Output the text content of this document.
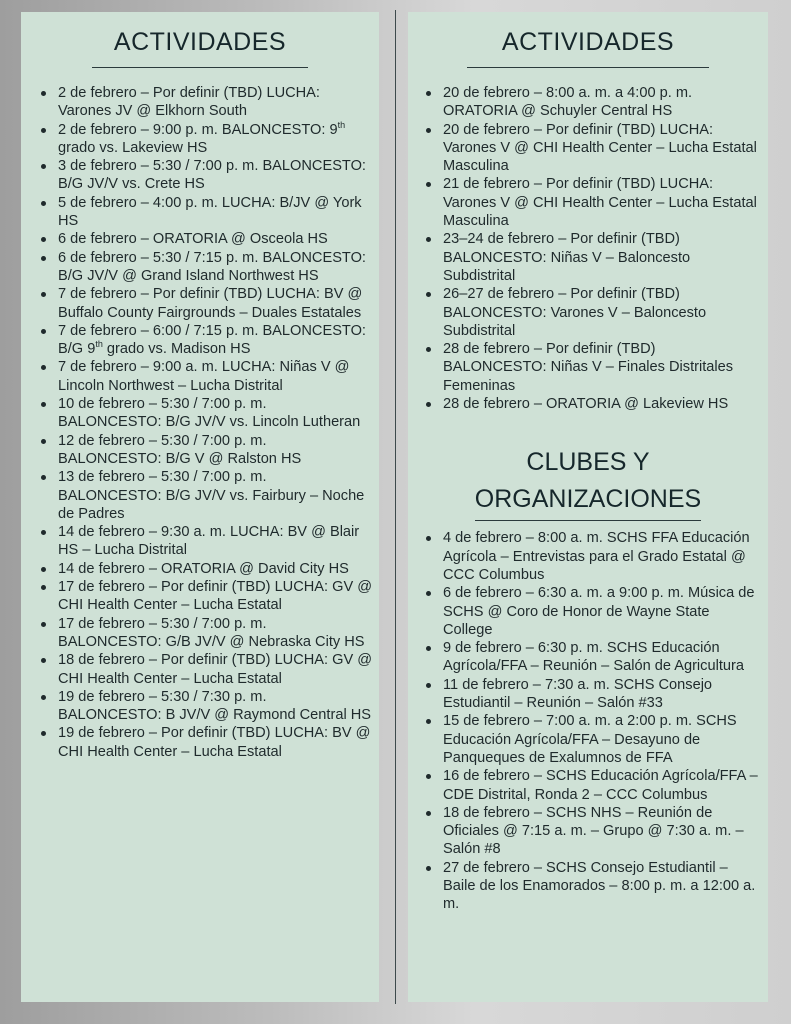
ACTIVIDADES
2 de febrero – Por definir (TBD) LUCHA: Varones JV @ Elkhorn South
2 de febrero – 9:00 p. m. BALONCESTO: 9th grado vs. Lakeview HS
3 de febrero – 5:30 / 7:00 p. m. BALONCESTO: B/G JV/V vs. Crete HS
5 de febrero – 4:00 p. m. LUCHA: B/JV @ York HS
6 de febrero – ORATORIA @ Osceola HS
6 de febrero – 5:30 / 7:15 p. m. BALONCESTO: B/G JV/V @ Grand Island Northwest HS
7 de febrero – Por definir (TBD) LUCHA: BV @ Buffalo County Fairgrounds – Duales Estatales
7 de febrero – 6:00 / 7:15 p. m. BALONCESTO: B/G 9th grado vs. Madison HS
7 de febrero – 9:00 a. m. LUCHA: Niñas V @ Lincoln Northwest – Lucha Distrital
10 de febrero – 5:30 / 7:00 p. m. BALONCESTO: B/G JV/V vs. Lincoln Lutheran
12 de febrero – 5:30 / 7:00 p. m. BALONCESTO: B/G V @ Ralston HS
13 de febrero – 5:30 / 7:00 p. m. BALONCESTO: B/G JV/V vs. Fairbury – Noche de Padres
14 de febrero – 9:30 a. m. LUCHA: BV @ Blair HS – Lucha Distrital
14 de febrero – ORATORIA @ David City HS
17 de febrero – Por definir (TBD) LUCHA: GV @ CHI Health Center – Lucha Estatal
17 de febrero – 5:30 / 7:00 p. m. BALONCESTO: G/B JV/V @ Nebraska City HS
18 de febrero – Por definir (TBD) LUCHA: GV @ CHI Health Center – Lucha Estatal
19 de febrero – 5:30 / 7:30 p. m. BALONCESTO: B JV/V @ Raymond Central HS
19 de febrero – Por definir (TBD) LUCHA: BV @ CHI Health Center – Lucha Estatal
ACTIVIDADES
20 de febrero – 8:00 a. m. a 4:00 p. m. ORATORIA @ Schuyler Central HS
20 de febrero – Por definir (TBD) LUCHA: Varones V @ CHI Health Center – Lucha Estatal Masculina
21 de febrero – Por definir (TBD) LUCHA: Varones V @ CHI Health Center – Lucha Estatal Masculina
23–24 de febrero – Por definir (TBD) BALONCESTO: Niñas V – Baloncesto Subdistrital
26–27 de febrero – Por definir (TBD) BALONCESTO: Varones V – Baloncesto Subdistrital
28 de febrero – Por definir (TBD) BALONCESTO: Niñas V – Finales Distritales Femeninas
28 de febrero – ORATORIA @ Lakeview HS
CLUBES Y
ORGANIZACIONES
4 de febrero – 8:00 a. m. SCHS FFA Educación Agrícola – Entrevistas para el Grado Estatal @ CCC Columbus
6 de febrero – 6:30 a. m. a 9:00 p. m. Música de SCHS @ Coro de Honor de Wayne State College
9 de febrero – 6:30 p. m. SCHS Educación Agrícola/FFA – Reunión – Salón de Agricultura
11 de febrero – 7:30 a. m. SCHS Consejo Estudiantil – Reunión – Salón #33
15 de febrero – 7:00 a. m. a 2:00 p. m. SCHS Educación Agrícola/FFA – Desayuno de Panqueques de Exalumnos de FFA
16 de febrero – SCHS Educación Agrícola/FFA – CDE Distrital, Ronda 2 – CCC Columbus
18 de febrero – SCHS NHS – Reunión de Oficiales @ 7:15 a. m. – Grupo @ 7:30 a. m. – Salón #8
27 de febrero – SCHS Consejo Estudiantil – Baile de los Enamorados – 8:00 p. m. a 12:00 a. m.
